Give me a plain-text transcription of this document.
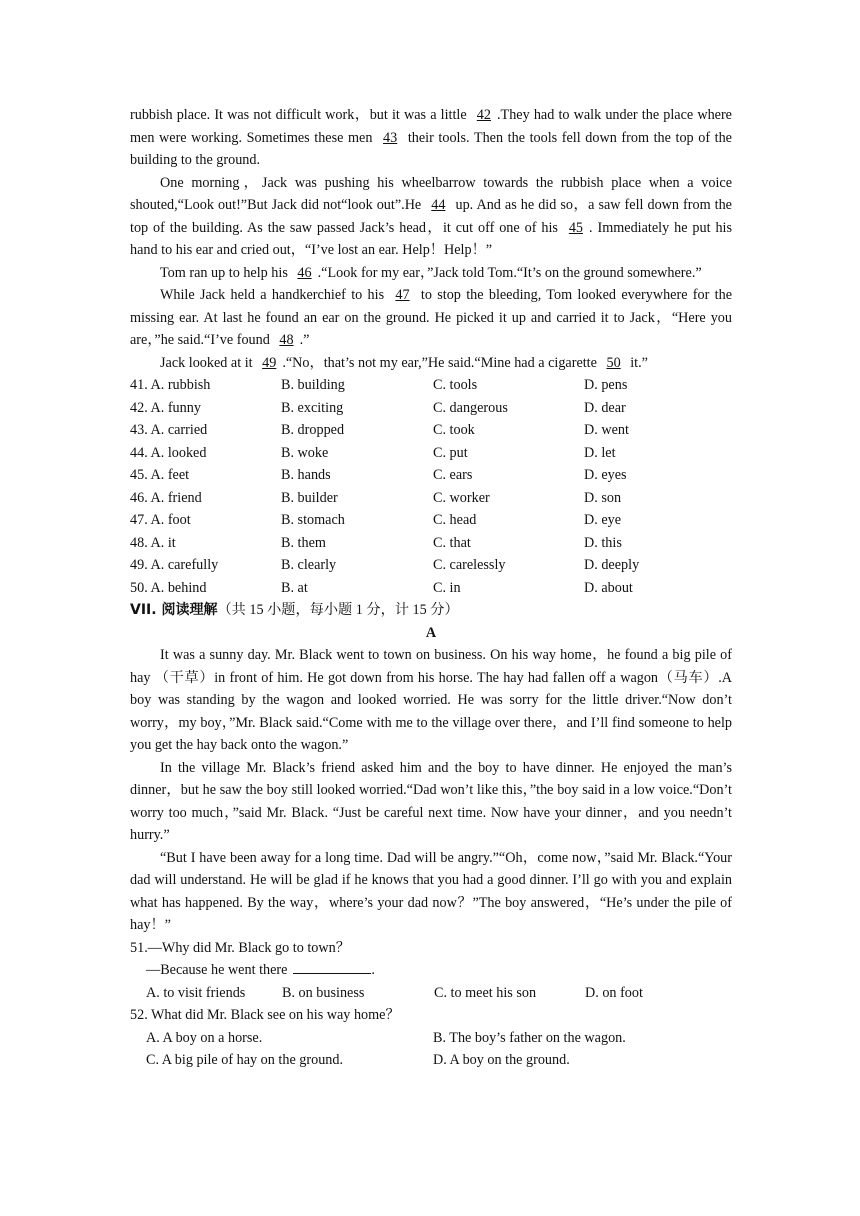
rubbish place. It was not difficult work，but it was a little 42 .They had to walk under the place where men were working. Sometimes these men 43 their tools. Then the tools fell down from the top of the building to the ground.

One morning，Jack was pushing his wheelbarrow towards the rubbish place when a voice shouted,“Look out!”But Jack did not“look out”.He 44 up. And as he did so，a saw fell down from the top of the building. As the saw passed Jack’s head，it cut off one of his 45 . Immediately he put his hand to his ear and cried out，“I’ve lost an ear. Help！Help！”

Tom ran up to help his 46 .“Look for my ear，”Jack told Tom.“It’s on the ground somewhere.”

While Jack held a handkerchief to his 47 to stop the bleeding, Tom looked everywhere for the missing ear. At last he found an ear on the ground. He picked it up and carried it to Jack，“Here you are，”he said.“I’ve found 48 .”

Jack looked at it 49 .“No，that’s not my ear,”He said.“Mine had a cigarette 50 it.”

41. A. rubbish	B. building	C. tools	D. pens
42. A. funny	B. exciting	C. dangerous	D. dear
43. A. carried	B. dropped	C. took	D. went
44. A. looked	B. woke	C. put	D. let
45. A. feet	B. hands	C. ears	D. eyes
46. A. friend	B. builder	C. worker	D. son
47. A. foot	B. stomach	C. head	D. eye
48. A. it	B. them	C. that	D. this
49. A. carefully	B. clearly	C. carelessly	D. deeply
50. A. behind	B. at	C. in	D. about
VII. 阅读理解（共 15 小题，每小题 1 分，计 15 分）
A

It was a sunny day. Mr. Black went to town on business. On his way home，he found a big pile of hay （干草）in front of him. He got down from his horse. The hay had fallen off a wagon（马车）.A boy was standing by the wagon and looked worried. He was sorry for the little driver.“Now don’t worry，my boy，”Mr. Black said.“Come with me to the village over there，and I’ll find someone to help you get the hay back onto the wagon.”

In the village Mr. Black’s friend asked him and the boy to have dinner. He enjoyed the man’s dinner，but he saw the boy still looked worried.“Dad won’t like this，”the boy said in a low voice.“Don’t worry too much，”said Mr. Black. “Just be careful next time. Now have your dinner，and you needn’t hurry.”

“But I have been away for a long time. Dad will be angry.”“Oh，come now，”said Mr. Black.“Your dad will understand. He will be glad if he knows that you had a good dinner. I’ll go with you and explain what has happened. By the way，where’s your dad now？”The boy answered，“He’s under the pile of hay！”

51.—Why did Mr. Black go to town？

—Because he went there	.

A. to visit friends	B. on business	C. to meet his son	D. on foot

52. What did Mr. Black see on his way home？

A. A boy on a horse.	B. The boy’s father on the wagon.
C. A big pile of hay on the ground.	D. A boy on the ground.
